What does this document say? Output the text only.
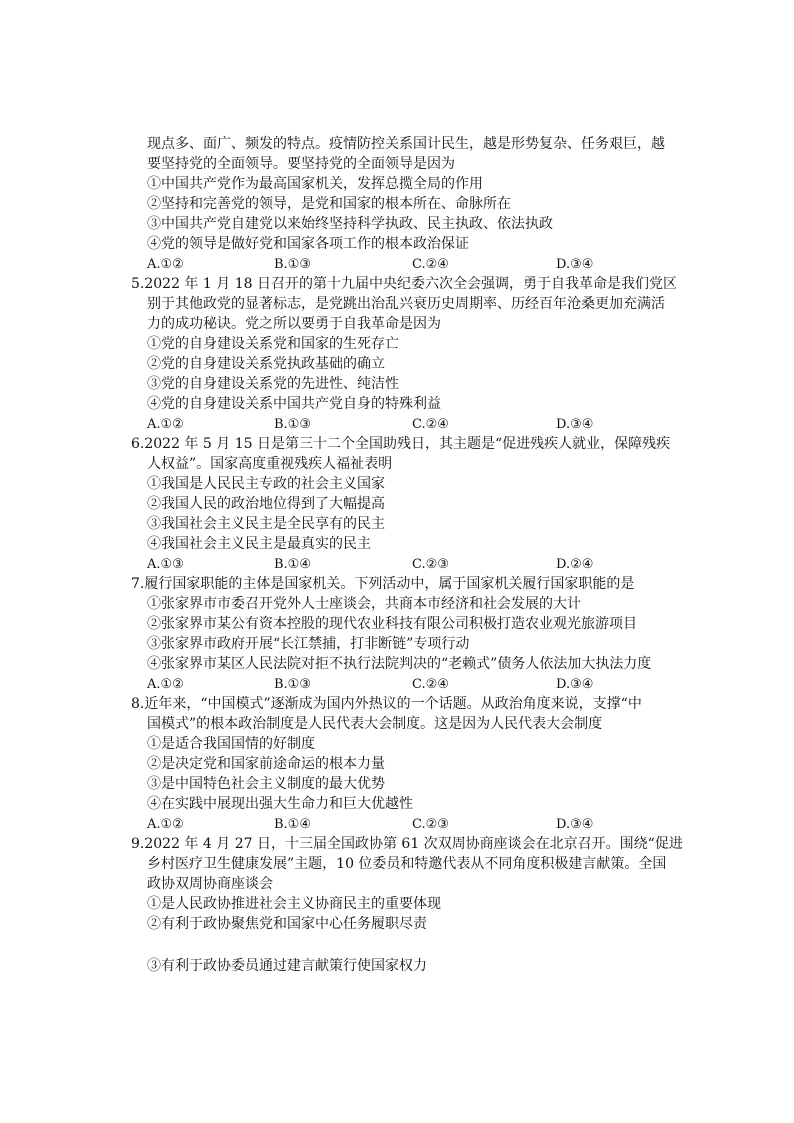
现点多、面广、频发的特点。疫情防控关系国计民生，越是形势复杂、任务艰巨，越
要坚持党的全面领导。要坚持党的全面领导是因为
①中国共产党作为最高国家机关，发挥总揽全局的作用
②坚持和完善党的领导，是党和国家的根本所在、命脉所在
③中国共产党自建党以来始终坚持科学执政、民主执政、依法执政
④党的领导是做好党和国家各项工作的根本政治保证
A.①②	B.①③	C.②④	D.③④
5.2022 年 1 月 18 日召开的第十九届中央纪委六次全会强调，勇于自我革命是我们党区
别于其他政党的显著标志，是党跳出治乱兴衰历史周期率、历经百年沧桑更加充满活
力的成功秘诀。党之所以要勇于自我革命是因为
①党的自身建设关系党和国家的生死存亡
②党的自身建设关系党执政基础的确立
③党的自身建设关系党的先进性、纯洁性
④党的自身建设关系中国共产党自身的特殊利益
A.①②	B.①③	C.②④	D.③④
6.2022 年 5 月 15 日是第三十二个全国助残日，其主题是“促进残疾人就业，保障残疾
人权益”。国家高度重视残疾人福祉表明
①我国是人民民主专政的社会主义国家
②我国人民的政治地位得到了大幅提高
③我国社会主义民主是全民享有的民主
④我国社会主义民主是最真实的民主
A.①③	B.①④	C.②③	D.②④
7.履行国家职能的主体是国家机关。下列活动中，属于国家机关履行国家职能的是
①张家界市市委召开党外人士座谈会，共商本市经济和社会发展的大计
②张家界市某公有资本控股的现代农业科技有限公司积极打造农业观光旅游项目
③张家界市政府开展“长江禁捕，打非断链”专项行动
④张家界市某区人民法院对拒不执行法院判决的“老赖式”债务人依法加大执法力度
A.①②	B.①③	C.②④	D.③④
8.近年来，“中国模式”逐渐成为国内外热议的一个话题。从政治角度来说，支撑“中
国模式”的根本政治制度是人民代表大会制度。这是因为人民代表大会制度
①是适合我国国情的好制度
②是决定党和国家前途命运的根本力量
③是中国特色社会主义制度的最大优势
④在实践中展现出强大生命力和巨大优越性
A.①②	B.①④	C.②③	D.③④
9.2022 年 4 月 27 日，十三届全国政协第 61 次双周协商座谈会在北京召开。围绕“促进
乡村医疗卫生健康发展”主题，10 位委员和特邀代表从不同角度积极建言献策。全国
政协双周协商座谈会
①是人民政协推进社会主义协商民主的重要体现
②有利于政协聚焦党和国家中心任务履职尽责
③有利于政协委员通过建言献策行使国家权力
